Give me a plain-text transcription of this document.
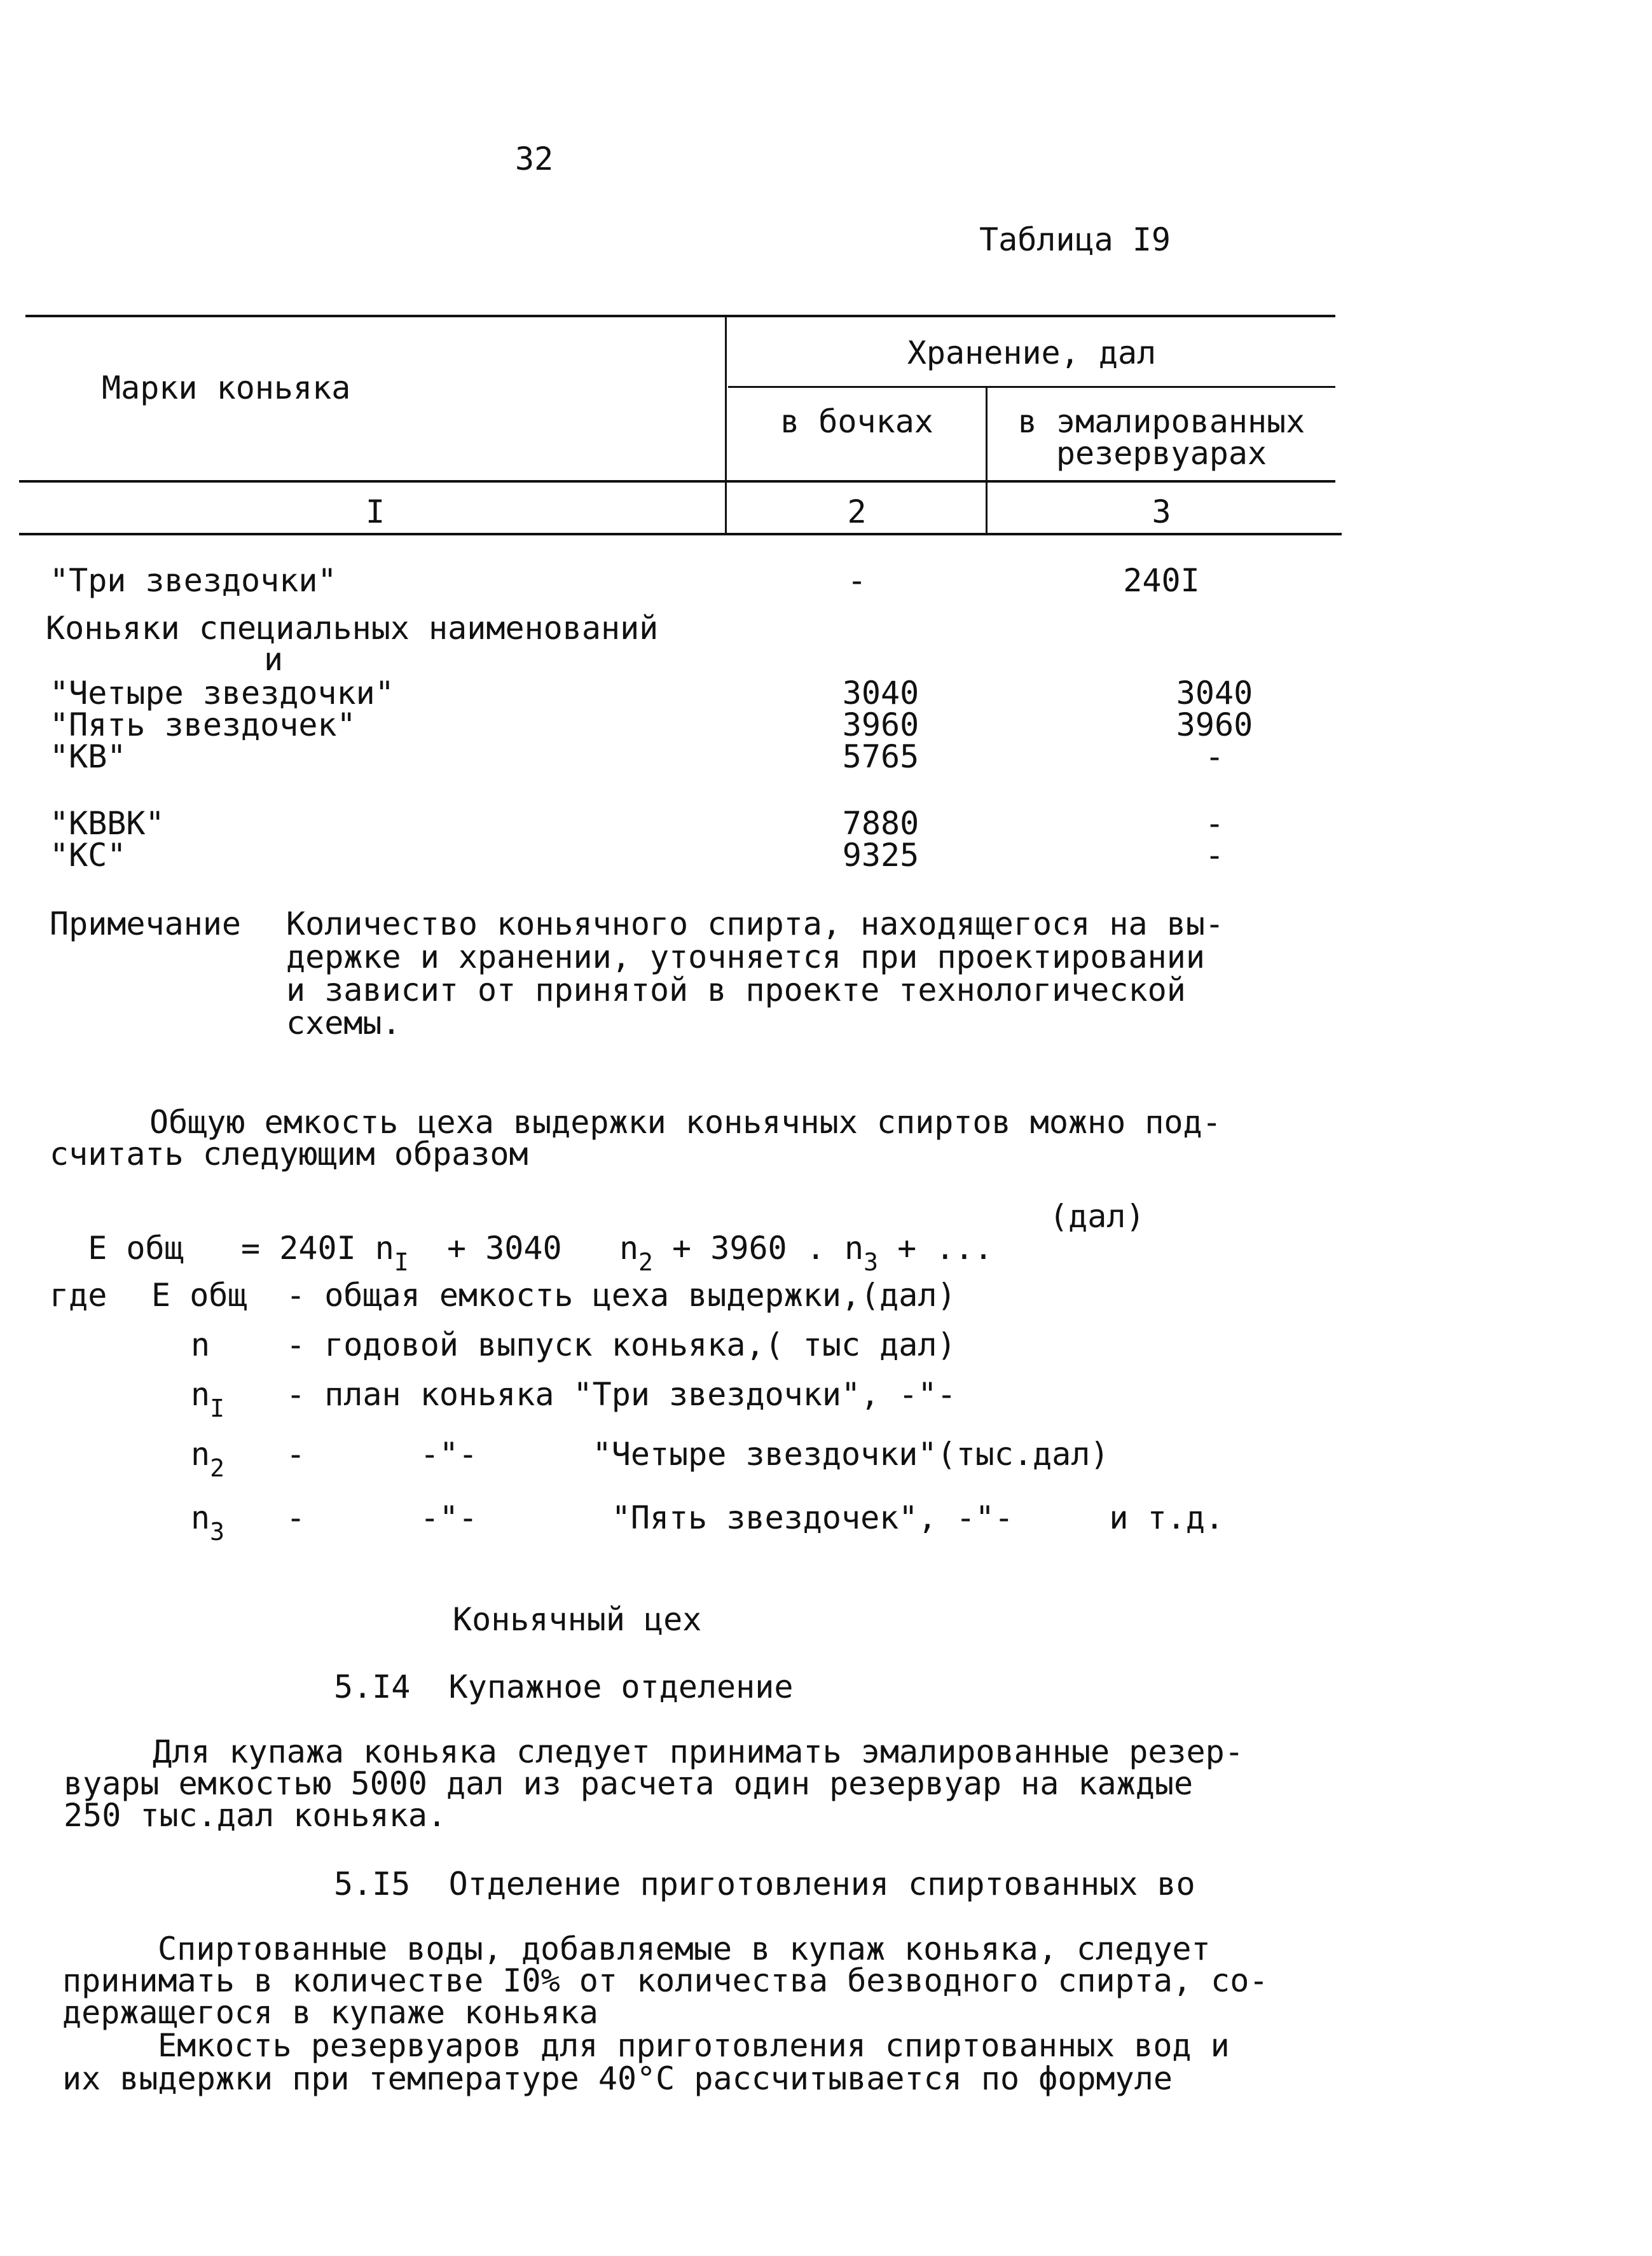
32
Таблица I9
Марки коньяка
Хранение, дал
в бочках	в эмалированных
резервуарах
I	2	3
"Три звездочки"	-	240I
Коньяки специальных наименований
и
"Четыре звездочки"	3040	3040
"Пять звездочек"	3960	3960
"КВ"	5765	-
"КВВК"	7880	-
"КС"	9325	-
Примечание Количество коньячного спирта, находящегося на вы-
держке и хранении, уточняется при проектировании
и зависит от принятой в проекте технологической
схемы.
Общую емкость цеха выдержки коньячных спиртов можно под-
считать следующим образом

Е общ = 240I $n_I + 3040$ $n_2 + 3960$ . $n_3$ + ...

(дал)
где Е общ - общая емкость цеха выдержки,(дал)
n - годовой выпуск коньяка,( тыс дал)
$n_I$ - план коньяка "Три звездочки", -"-
$n_2$ -      -"-      "Четыре звездочки"(тыс.дал)
$n_3$ -      -"-       "Пять звездочек", -"-     и т.д.
Коньячный цех
5.I4  Купажное отделение
Для купажа коньяка следует принимать эмалированные резер-
вуары емкостью 5000 дал из расчета один резервуар на каждые
250 тыс.дал коньяка.
5.I5  Отделение приготовления спиртованных во
Спиртованные воды, добавляемые в купаж коньяка, следует
принимать в количестве I0% от количества безводного спирта, со-
держащегося в купаже коньяка
Емкость резервуаров для приготовления спиртованных вод и
их выдержки при температуре 40°С рассчитывается по формуле
